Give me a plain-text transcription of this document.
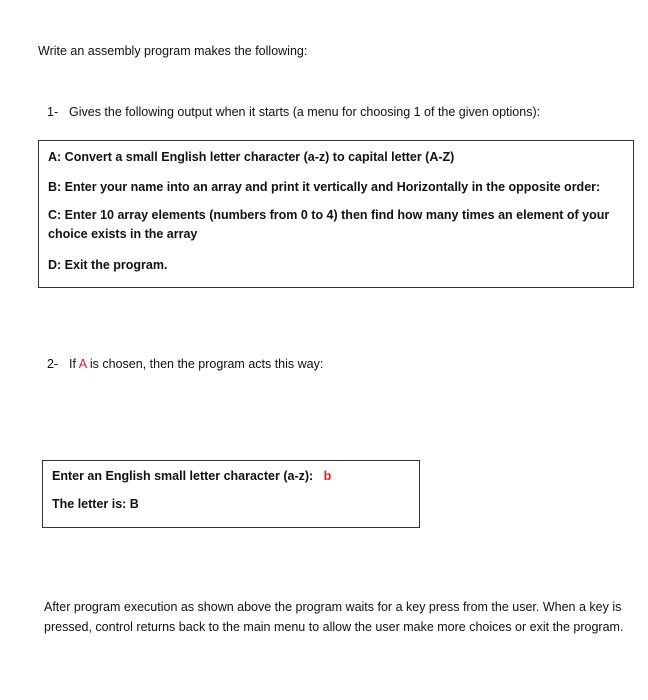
Write an assembly program makes the following:
1- Gives the following output when it starts (a menu for choosing 1 of the given options):
A: Convert a small English letter character (a-z) to capital letter (A-Z)
B: Enter your name into an array and print it vertically and Horizontally in the opposite order:
C: Enter 10 array elements (numbers from 0 to 4) then find how many times an element of your choice exists in the array
D: Exit the program.
2- If A is chosen, then the program acts this way:
Enter an English small letter character (a-z): b
The letter is: B
After program execution as shown above the program waits for a key press from the user. When a key is pressed, control returns back to the main menu to allow the user make more choices or exit the program.
